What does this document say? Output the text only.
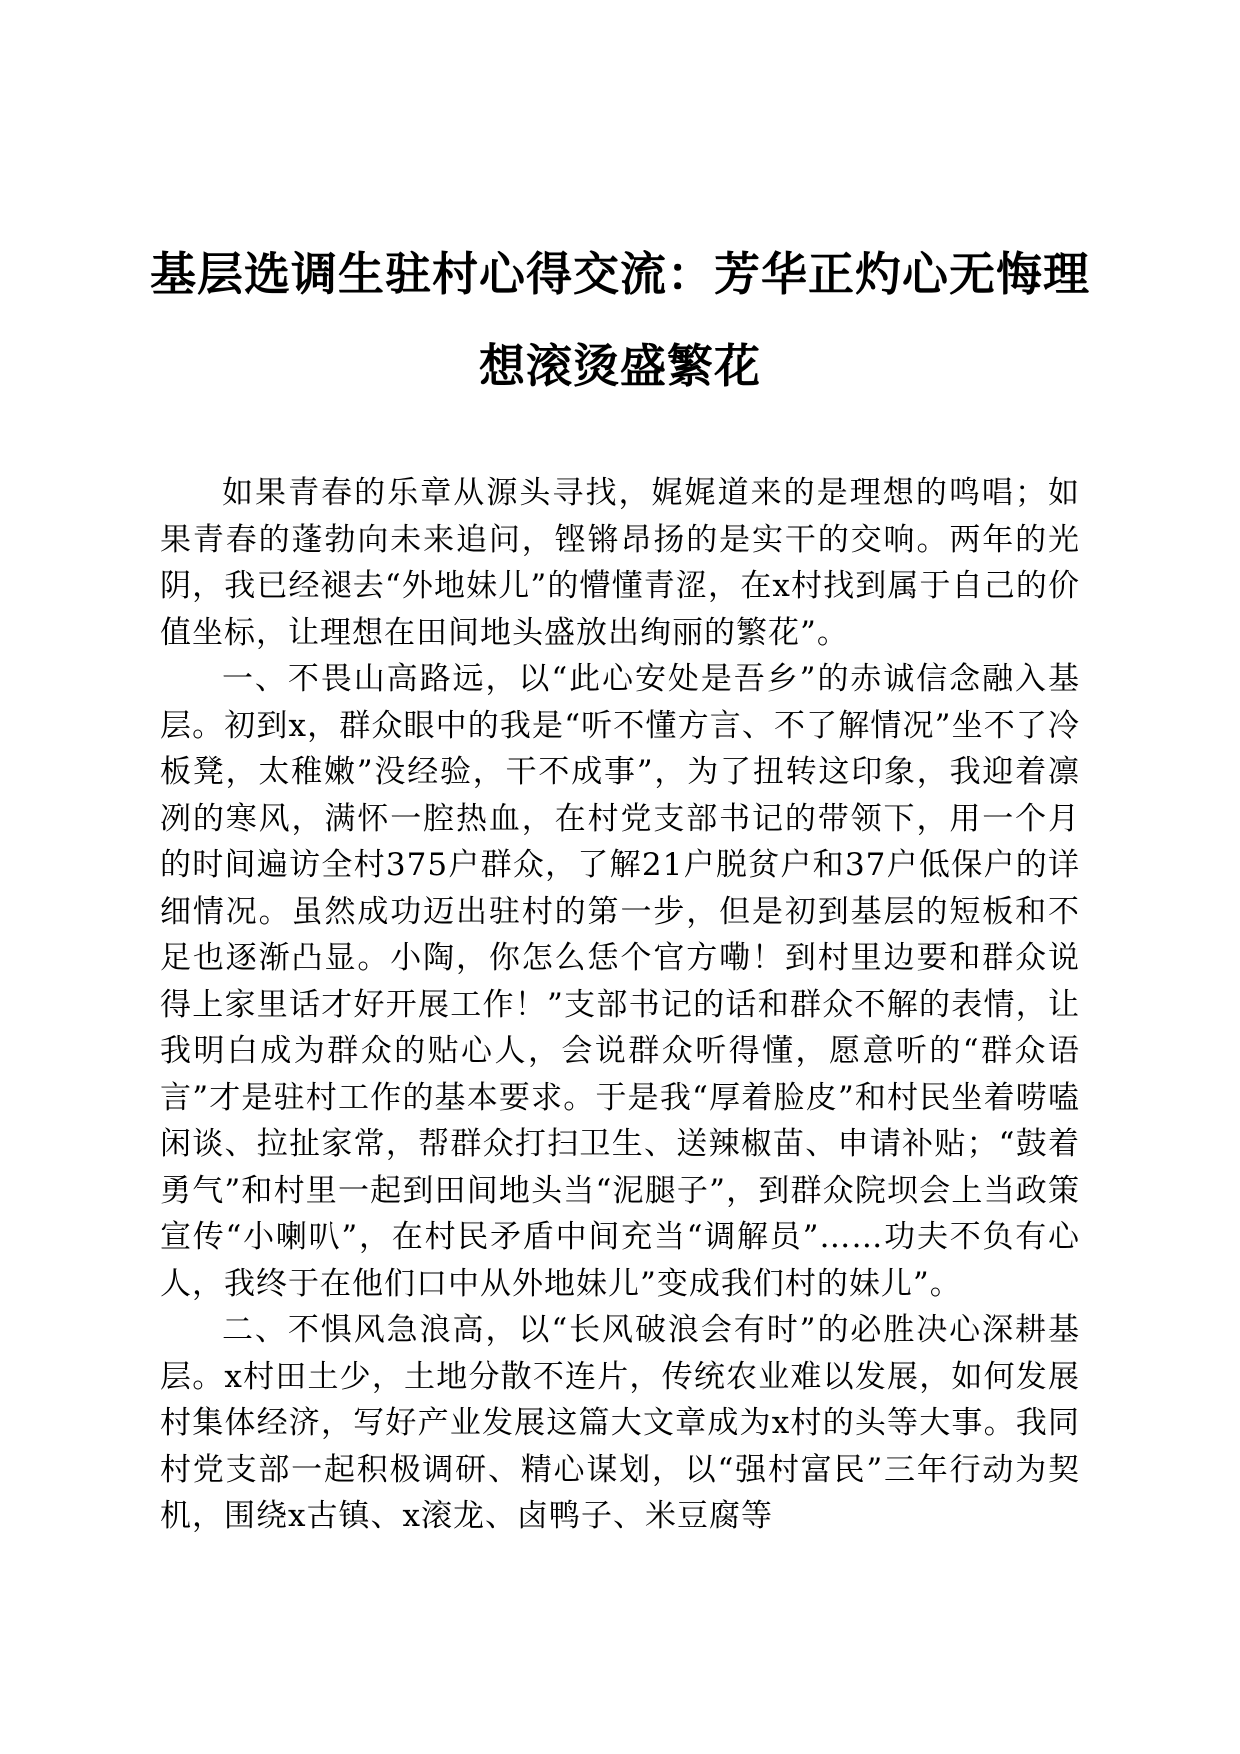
基层选调生驻村心得交流：芳华正灼心无悔理
想滚烫盛繁花

如果青春的乐章从源头寻找，娓娓道来的是理想的鸣唱；如果青春的蓬勃向未来追问，铿锵昂扬的是实干的交响。两年的光阴，我已经褪去“外地妹儿”的懵懂青涩，在x村找到属于自己的价值坐标，让理想在田间地头盛放出绚丽的繁花”。

一、不畏山高路远，以“此心安处是吾乡”的赤诚信念融入基层。初到x，群众眼中的我是“听不懂方言、不了解情况”坐不了冷板凳，太稚嫩”没经验，干不成事”，为了扭转这印象，我迎着凛冽的寒风，满怀一腔热血，在村党支部书记的带领下，用一个月的时间遍访全村375户群众，了解21户脱贫户和37户低保户的详细情况。虽然成功迈出驻村的第一步，但是初到基层的短板和不足也逐渐凸显。小陶，你怎么恁个官方嘞！到村里边要和群众说得上家里话才好开展工作！”支部书记的话和群众不解的表情，让我明白成为群众的贴心人，会说群众听得懂，愿意听的“群众语言”才是驻村工作的基本要求。于是我“厚着脸皮”和村民坐着唠嗑闲谈、拉扯家常，帮群众打扫卫生、送辣椒苗、申请补贴；“鼓着勇气”和村里一起到田间地头当“泥腿子”，到群众院坝会上当政策宣传“小喇叭”，在村民矛盾中间充当“调解员”……功夫不负有心人，我终于在他们口中从外地妹儿”变成我们村的妹儿”。

二、不惧风急浪高，以“长风破浪会有时”的必胜决心深耕基层。x村田土少，土地分散不连片，传统农业难以发展，如何发展村集体经济，写好产业发展这篇大文章成为x村的头等大事。我同村党支部一起积极调研、精心谋划，以“强村富民”三年行动为契机，围绕x古镇、x滚龙、卤鸭子、米豆腐等
